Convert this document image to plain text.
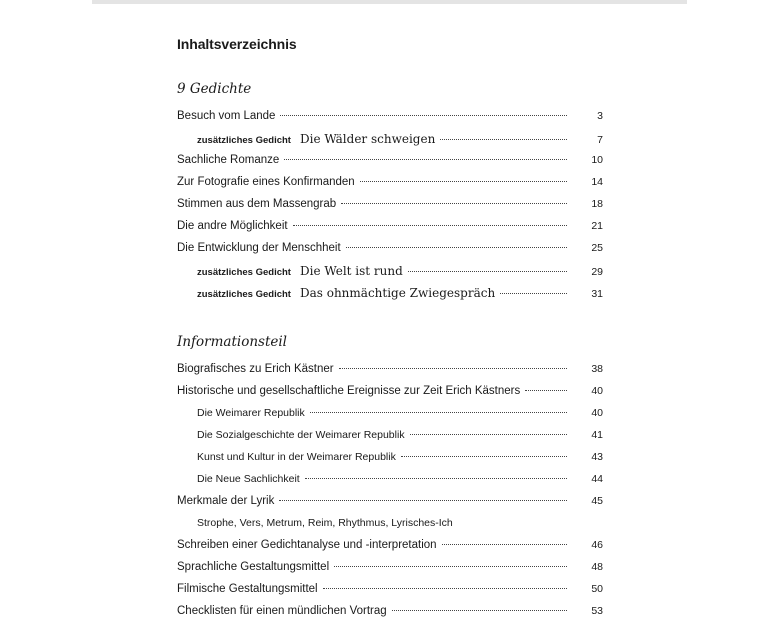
Inhaltsverzeichnis
9 Gedichte
Besuch vom Lande	3
zusätzliches Gedicht Die Wälder schweigen	7
Sachliche Romanze	10
Zur Fotografie eines Konfirmanden	14
Stimmen aus dem Massengrab	18
Die andre Möglichkeit	21
Die Entwicklung der Menschheit	25
zusätzliches Gedicht Die Welt ist rund	29
zusätzliches Gedicht Das ohnmächtige Zwiegespräch	31
Informationsteil
Biografisches zu Erich Kästner	38
Historische und gesellschaftliche Ereignisse zur Zeit Erich Kästners	40
Die Weimarer Republik	40
Die Sozialgeschichte der Weimarer Republik	41
Kunst und Kultur in der Weimarer Republik	43
Die Neue Sachlichkeit	44
Merkmale der Lyrik	45
Strophe, Vers, Metrum, Reim, Rhythmus, Lyrisches-Ich
Schreiben einer Gedichtanalyse und -interpretation	46
Sprachliche Gestaltungsmittel	48
Filmische Gestaltungsmittel	50
Checklisten für einen mündlichen Vortrag	53
